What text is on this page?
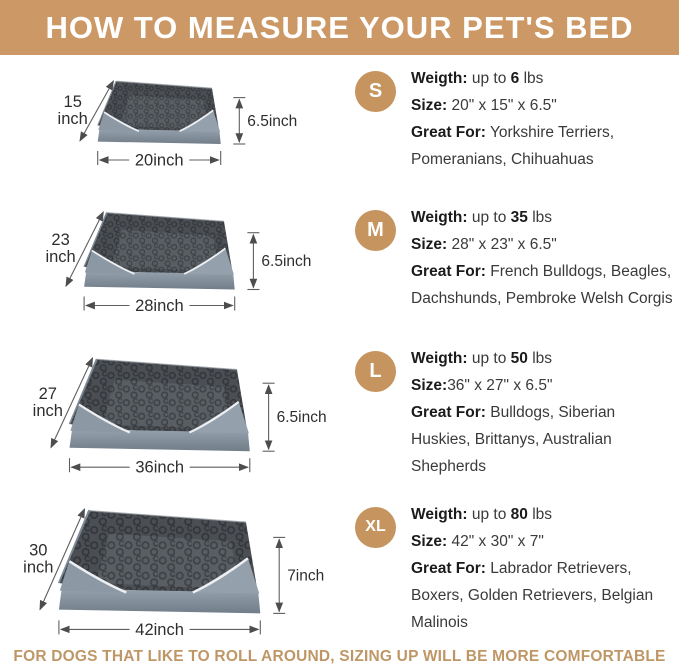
HOW TO MEASURE YOUR PET'S BED
20inch
6.5inch
15
inch
S
Weigth: up to 6 lbs
Size: 20" x 15" x 6.5"
Great For: Yorkshire Terriers, Pomeranians, Chihuahuas
28inch
6.5inch
23
inch
M
Weigth: up to 35 lbs
Size: 28" x 23" x 6.5"
Great For: French Bulldogs, Beagles, Dachshunds, Pembroke Welsh Corgis
36inch
6.5inch
27
inch
L
Weigth: up to 50 lbs
Size:36" x 27" x 6.5"
Great For: Bulldogs, Siberian Huskies, Brittanys, Australian Shepherds
42inch
7inch
30
inch
XL
Weigth: up to 80 lbs
Size: 42" x 30" x 7"
Great For: Labrador Retrievers, Boxers, Golden Retrievers, Belgian Malinois
FOR DOGS THAT LIKE TO ROLL AROUND, SIZING UP WILL BE MORE COMFORTABLE
